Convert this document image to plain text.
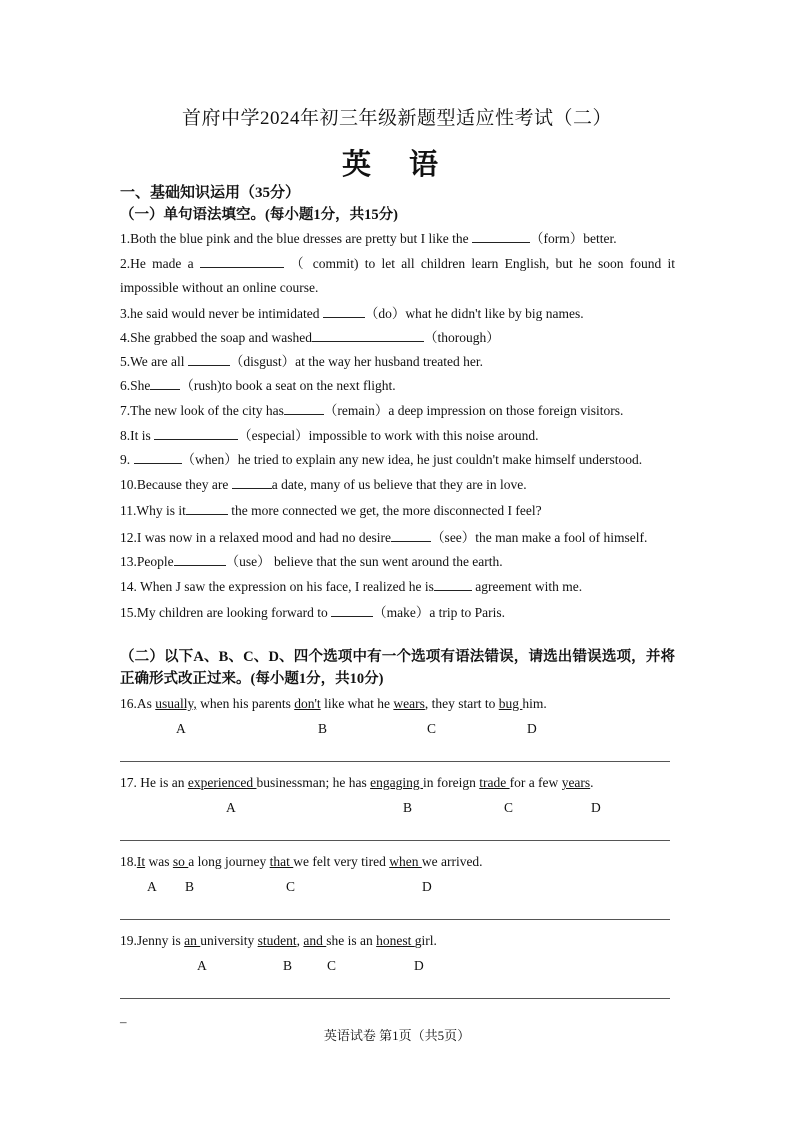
首府中学2024年初三年级新题型适应性考试（二）
英 语
一、基础知识运用（35分）
（一）单句语法填空。(每小题1分，共15分)
1.Both the blue pink and the blue dresses are pretty but I like the	（form）better.
2.He made a	（ commit) to let all children learn English, but he soon found it impossible without an online course.
3.he said would never be intimidated	（do）what he didn't like by big names.
4.She grabbed the soap and washed	（thorough）
5.We are all	（disgust）at the way her husband treated her.
6.She （rush)to book a seat on the next flight.
7.The new look of the city has	（remain）a deep impression on those foreign visitors.
8.It is	（especial）impossible to work with this noise around.
9.	（when）he tried to explain any new idea, he just couldn't make himself understood.
10.Because they are	a date, many of us believe that they are in love.
11.Why is it	the more connected we get, the more disconnected I feel?
12.I was now in a relaxed mood and had no desire	（see）the man make a fool of himself.
13.People	（use） believe that the sun went around the earth.
14. When J saw the expression on his face, I realized he is	agreement with me.
15.My children are looking forward to	（make）a trip to Paris.
（二）以下A、B、C、D、四个选项中有一个选项有语法错误，请选出错误选项，并将正确形式改正过来。(每小题1分，共10分)
16.As usually, when his parents don't like what he wears, they start to bug him.
A	B	C	D
17. He is an experienced businessman; he has engaging in foreign trade for a few years.
A	B	C	D
18.It was so a long journey that we felt very tired when we arrived.
A B	C	D
19.Jenny is an university student, and she is an honest girl.
A	B	C	D
–
英语试卷 第1页（共5页）
